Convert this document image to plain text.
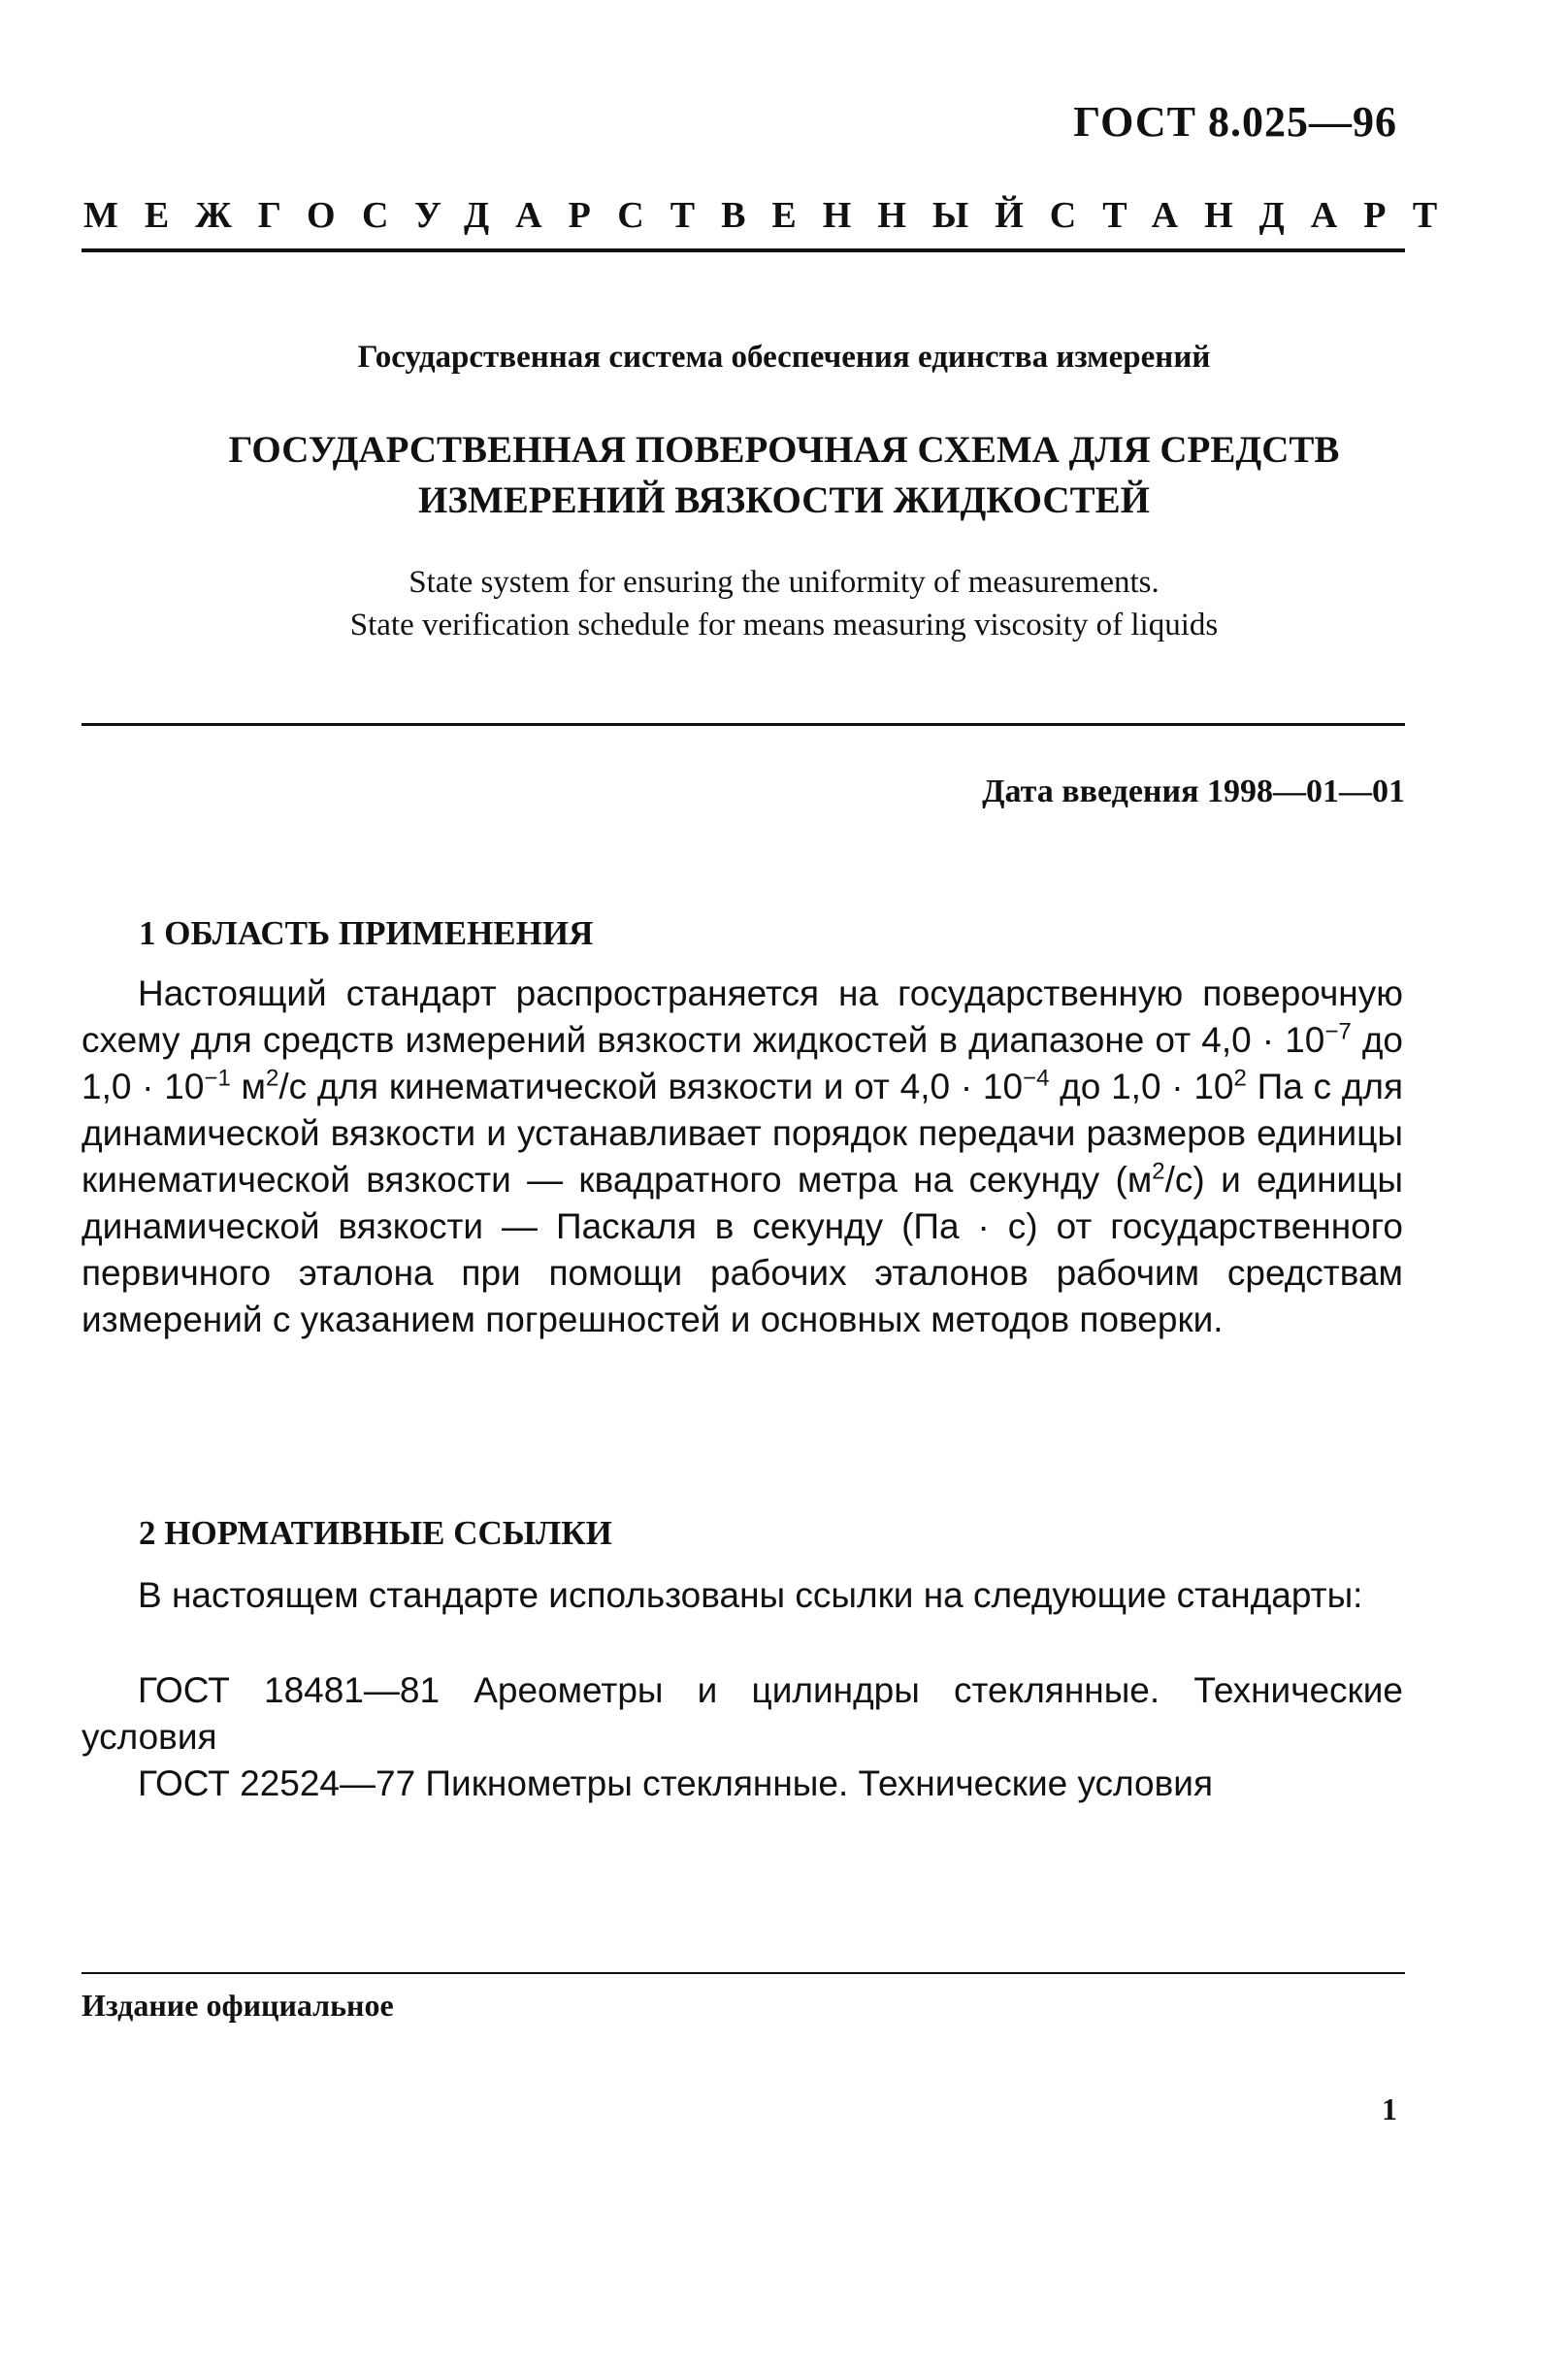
ГОСТ 8.025—96
МЕЖГОСУДАРСТВЕННЫЙ СТАНДАРТ
Государственная система обеспечения единства измерений
ГОСУДАРСТВЕННАЯ ПОВЕРОЧНАЯ СХЕМА ДЛЯ СРЕДСТВ
ИЗМЕРЕНИЙ ВЯЗКОСТИ ЖИДКОСТЕЙ
State system for ensuring the uniformity of measurements.
State verification schedule for means measuring viscosity of liquids
Дата введения 1998—01—01
1 ОБЛАСТЬ ПРИМЕНЕНИЯ
Настоящий стандарт распространяется на государственную поверочную схему для средств измерений вязкости жидкостей в диапазоне от $4,0 \cdot 10^{-7}$ до $1,0 \cdot 10^{-1}$ $м^2/с$ для кинематической вязкости и от $4,0 \cdot 10^{-4}$ до $1,0 \cdot 10^2$ Па с для динамической вязкости и устанавливает порядок передачи размеров единицы кинематической вязкости — квадратного метра на секунду $(м^2/с)$ и единицы динамической вязкости — Паскаля в секунду (Па · с) от государственного первичного эталона при помощи рабочих эталонов рабочим средствам измерений с указанием погрешностей и основных методов поверки.
2 НОРМАТИВНЫЕ ССЫЛКИ
В настоящем стандарте использованы ссылки на следующие стандарты:
ГОСТ 18481—81 Ареометры и цилиндры стеклянные. Технические условия
ГОСТ 22524—77 Пикнометры стеклянные. Технические условия
Издание официальное
1
